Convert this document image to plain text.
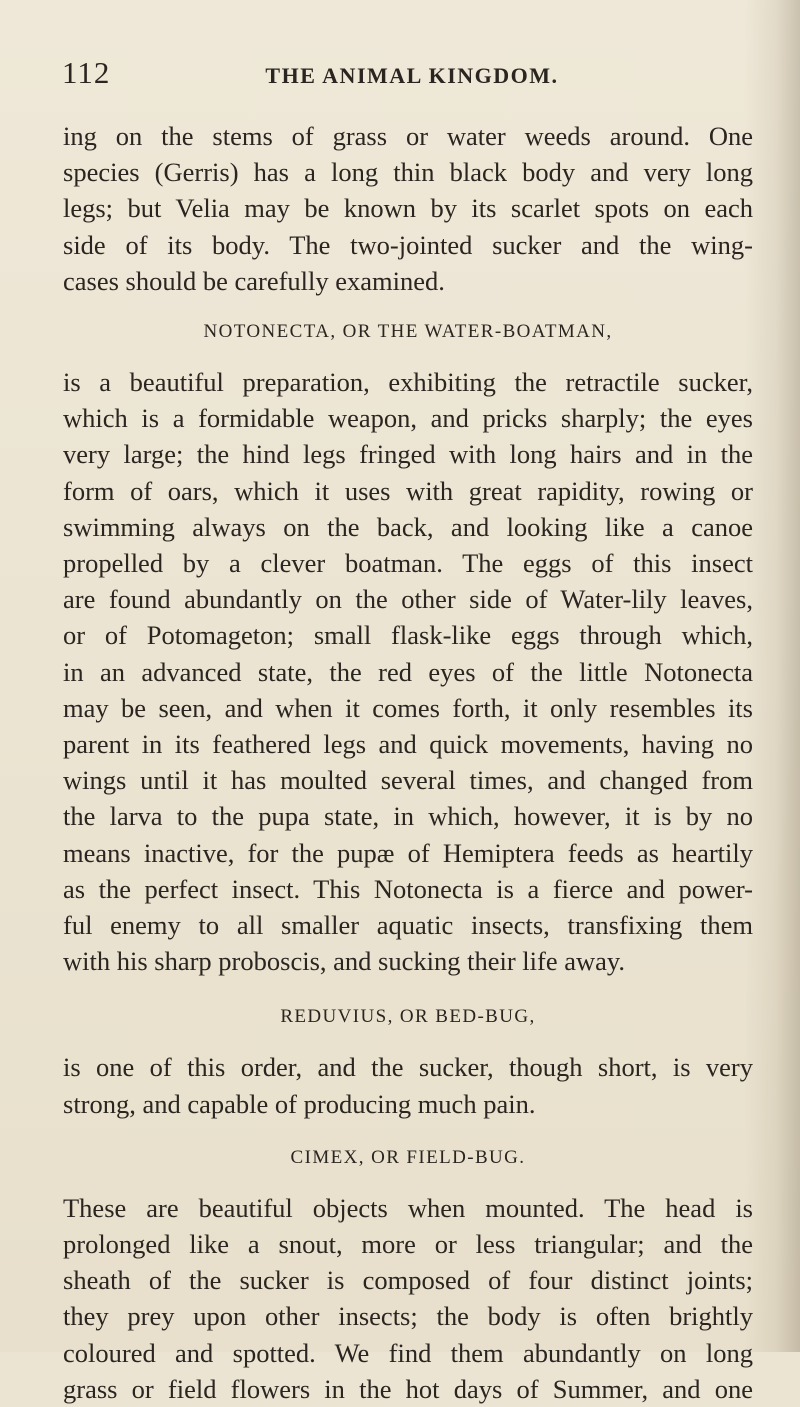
112	THE ANIMAL KINGDOM.
ing on the stems of grass or water weeds around. One
species (Gerris) has a long thin black body and very long
legs; but Velia may be known by its scarlet spots on each
side of its body. The two-jointed sucker and the wing-
cases should be carefully examined.
NOTONECTA, OR THE WATER-BOATMAN,
is a beautiful preparation, exhibiting the retractile sucker,
which is a formidable weapon, and pricks sharply; the eyes
very large; the hind legs fringed with long hairs and in the
form of oars, which it uses with great rapidity, rowing or
swimming always on the back, and looking like a canoe
propelled by a clever boatman. The eggs of this insect
are found abundantly on the other side of Water-lily leaves,
or of Potomageton; small flask-like eggs through which,
in an advanced state, the red eyes of the little Notonecta
may be seen, and when it comes forth, it only resembles its
parent in its feathered legs and quick movements, having no
wings until it has moulted several times, and changed from
the larva to the pupa state, in which, however, it is by no
means inactive, for the pupæ of Hemiptera feeds as heartily
as the perfect insect. This Notonecta is a fierce and power-
ful enemy to all smaller aquatic insects, transfixing them
with his sharp proboscis, and sucking their life away.
REDUVIUS, OR BED-BUG,
is one of this order, and the sucker, though short, is very
strong, and capable of producing much pain.
CIMEX, OR FIELD-BUG.
These are beautiful objects when mounted. The head is
prolonged like a snout, more or less triangular; and the
sheath of the sucker is composed of four distinct joints;
they prey upon other insects; the body is often brightly
coloured and spotted. We find them abundantly on long
grass or field flowers in the hot days of Summer, and one
